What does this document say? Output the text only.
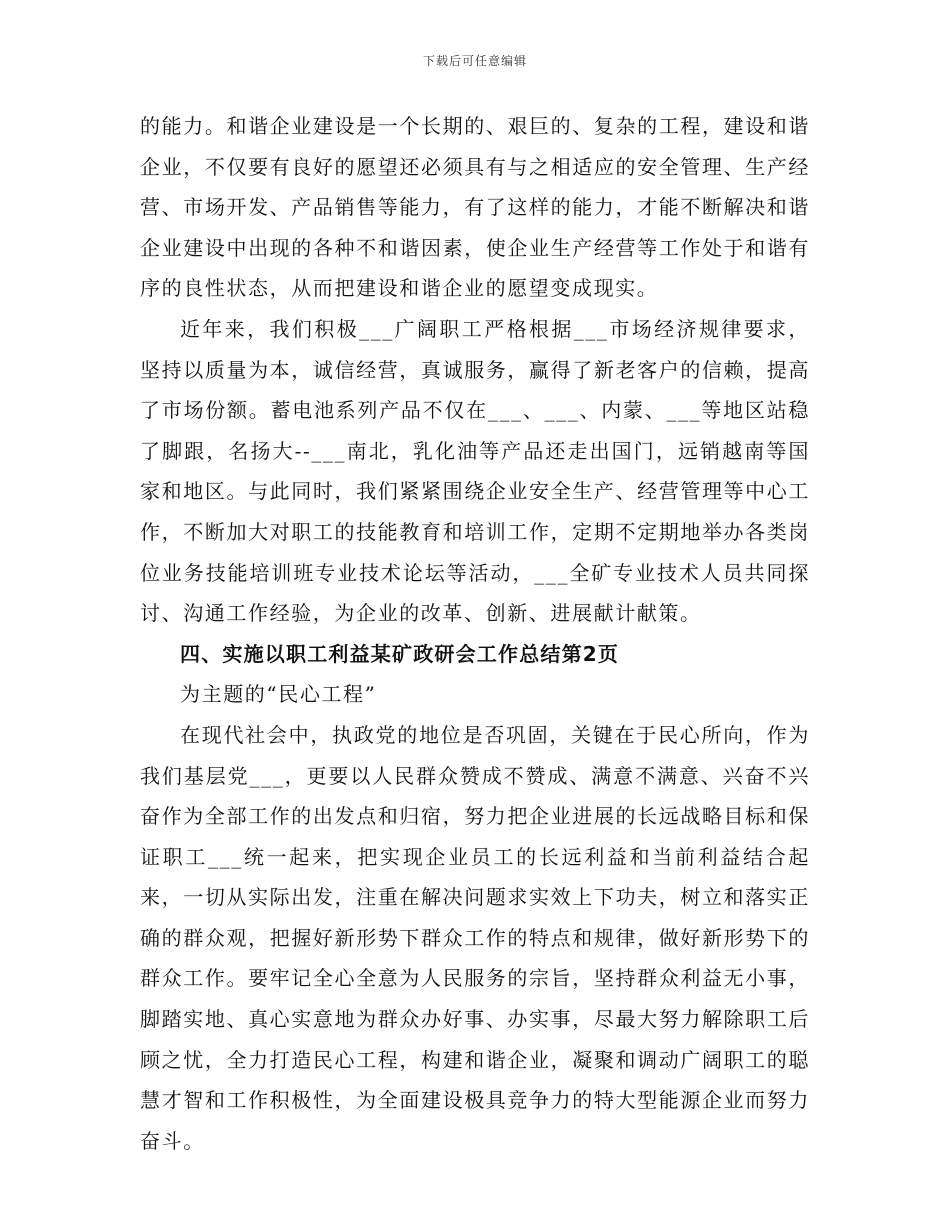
下载后可任意编辑

的能力。和谐企业建设是一个长期的、艰巨的、复杂的工程，建设和谐企业，不仅要有良好的愿望还必须具有与之相适应的安全管理、生产经营、市场开发、产品销售等能力，有了这样的能力，才能不断解决和谐企业建设中出现的各种不和谐因素，使企业生产经营等工作处于和谐有序的良性状态，从而把建设和谐企业的愿望变成现实。

近年来，我们积极___广阔职工严格根据___市场经济规律要求，坚持以质量为本，诚信经营，真诚服务，赢得了新老客户的信赖，提高了市场份额。蓄电池系列产品不仅在___、___、内蒙、___等地区站稳了脚跟，名扬大--___南北，乳化油等产品还走出国门，远销越南等国家和地区。与此同时，我们紧紧围绕企业安全生产、经营管理等中心工作，不断加大对职工的技能教育和培训工作，定期不定期地举办各类岗位业务技能培训班专业技术论坛等活动，___全矿专业技术人员共同探讨、沟通工作经验，为企业的改革、创新、进展献计献策。

四、实施以职工利益某矿政研会工作总结第2页

为主题的“民心工程”

在现代社会中，执政党的地位是否巩固，关键在于民心所向，作为我们基层党___，更要以人民群众赞成不赞成、满意不满意、兴奋不兴奋作为全部工作的出发点和归宿，努力把企业进展的长远战略目标和保证职工___统一起来，把实现企业员工的长远利益和当前利益结合起来，一切从实际出发，注重在解决问题求实效上下功夫，树立和落实正确的群众观，把握好新形势下群众工作的特点和规律，做好新形势下的群众工作。要牢记全心全意为人民服务的宗旨，坚持群众利益无小事，脚踏实地、真心实意地为群众办好事、办实事，尽最大努力解除职工后顾之忧，全力打造民心工程，构建和谐企业，凝聚和调动广阔职工的聪慧才智和工作积极性，为全面建设极具竞争力的特大型能源企业而努力奋斗。
